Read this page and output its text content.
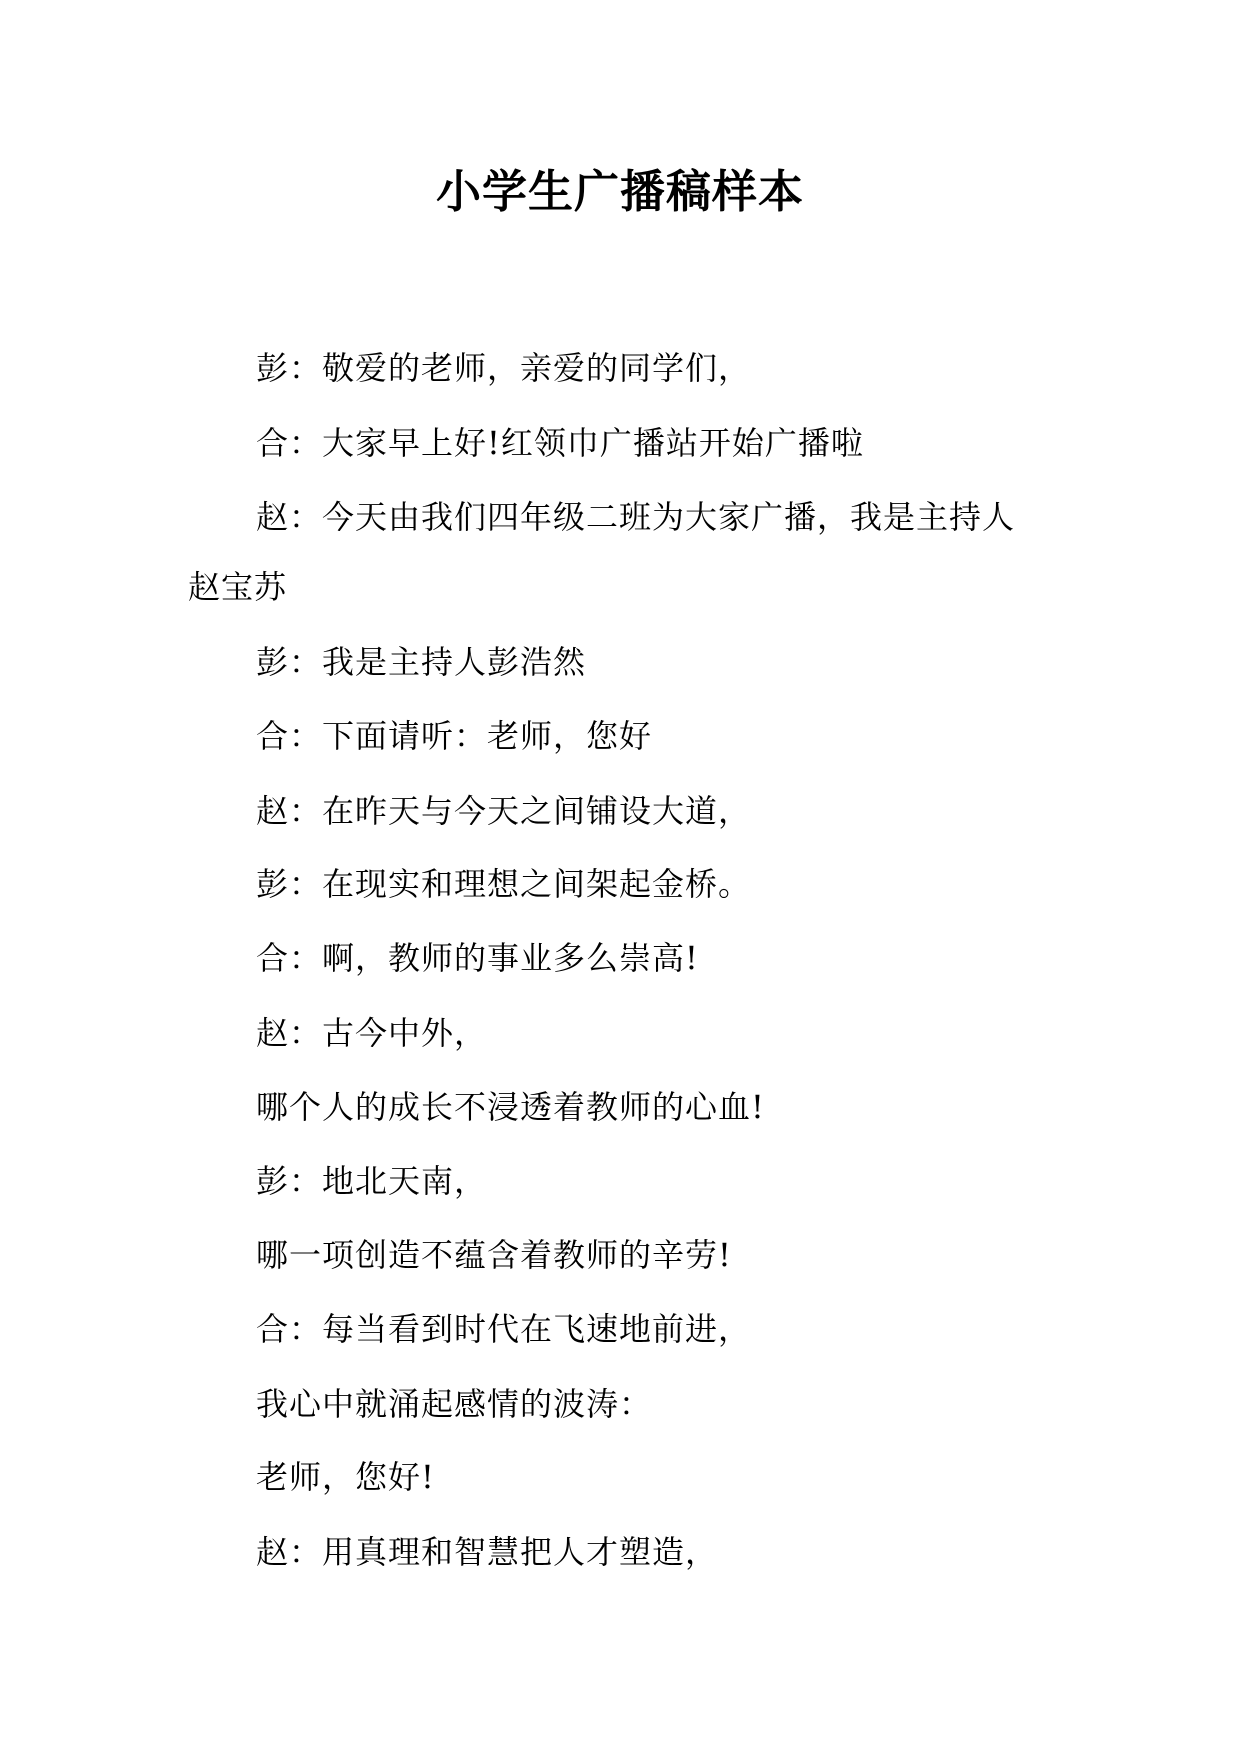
小学生广播稿样本
彭：敬爱的老师，亲爱的同学们，
合：大家早上好!红领巾广播站开始广播啦
赵：今天由我们四年级二班为大家广播，我是主持人
赵宝苏
彭：我是主持人彭浩然
合：下面请听：老师，您好
赵：在昨天与今天之间铺设大道，
彭：在现实和理想之间架起金桥。
合：啊，教师的事业多么崇高!
赵：古今中外，
哪个人的成长不浸透着教师的心血!
彭：地北天南，
哪一项创造不蕴含着教师的辛劳!
合：每当看到时代在飞速地前进，
我心中就涌起感情的波涛：
老师，您好!
赵：用真理和智慧把人才塑造，
